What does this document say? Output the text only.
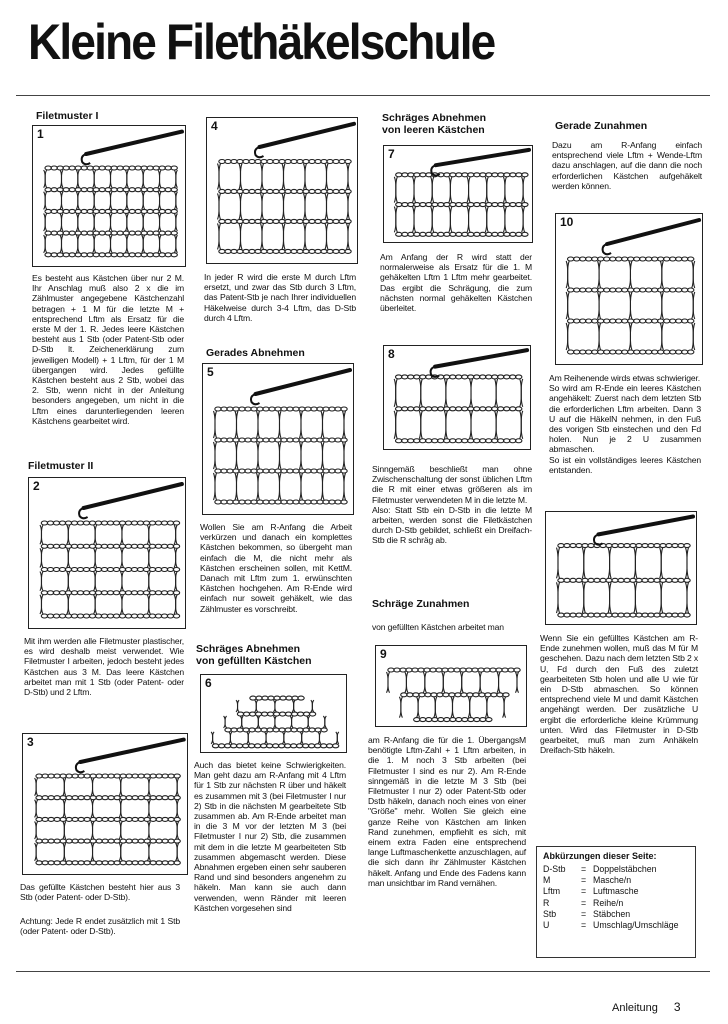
Kleine Filethäkelschule
Filetmuster I
1
Es besteht aus Kästchen über nur 2 M. Ihr Anschlag muß also 2 x die im Zählmuster angegebene Kästchenzahl betragen + 1 M für die letzte M + entsprechend Lftm als Ersatz für die erste M der 1. R. Jedes leere Kästchen besteht aus 1 Stb (oder Patent-Stb oder D-Stb lt. Zeichenerklärung zum jeweiligen Modell) + 1 Lftm, für der 1 M übergangen wird. Jedes gefüllte Kästchen besteht aus 2 Stb, wobei das 2. Stb, wenn nicht in der Anleitung besonders angegeben, um nicht in die Lftm eines darunterliegenden leeren Kästchens gearbeitet wird.
Filetmuster II
2
Mit ihm werden alle Filetmuster plastischer, es wird deshalb meist verwendet. Wie Filetmuster I arbeiten, jedoch besteht jedes Kästchen aus 3 M. Das leere Kästchen arbeitet man mit 1 Stb (oder Patent- oder D-Stb) und 2 Lftm.
3
Das gefüllte Kästchen besteht hier aus 3 Stb (oder Patent- oder D-Stb).
Achtung: Jede R endet zusätzlich mit 1 Stb (oder Patent- oder D-Stb).
4
In jeder R wird die erste M durch Lftm ersetzt, und zwar das Stb durch 3 Lftm, das Patent-Stb je nach Ihrer individuellen Häkelweise durch 3-4 Lftm, das D-Stb durch 4 Lftm.
Gerades Abnehmen
5
Wollen Sie am R-Anfang die Arbeit verkürzen und danach ein komplettes Kästchen bekommen, so übergeht man einfach die M, die nicht mehr als Kästchen erscheinen sollen, mit KettM. Danach mit Lftm zum 1. erwünschten Kästchen hochgehen. Am R-Ende wird einfach nur soweit gehäkelt, wie das Zählmuster es vorschreibt.
Schräges Abnehmen
von gefüllten Kästchen
6
Auch das bietet keine Schwierigkeiten. Man geht dazu am R-Anfang mit 4 Lftm für 1 Stb zur nächsten R über und häkelt es zusammen mit 3 (bei Filetmuster I nur 2) Stb in die nächsten M gearbeitete Stb zusammen ab. Am R-Ende arbeitet man in die 3 M vor der letzten M 3 (bei Filetmuster I nur 2) Stb, die zusammen mit dem in die letzte M gearbeiteten Stb zusammen abgemascht werden. Diese Abnahmen ergeben einen sehr sauberen Rand und sind besonders angenehm zu häkeln. Man kann sie auch dann verwenden, wenn Ränder mit leeren Kästchen vorgesehen sind
Schräges Abnehmen
von leeren Kästchen
7
Am Anfang der R wird statt der normalerweise als Ersatz für die 1. M gehäkelten Lftm 1 Lftm mehr gearbeitet. Das ergibt die Schrägung, die zum nächsten normal gehäkelten Kästchen überleitet.
8
Sinngemäß beschließt man ohne Zwischenschaltung der sonst üblichen Lftm die R mit einer etwas größeren als im Filetmuster verwendeten M in die letzte M.
Also: Statt Stb ein D-Stb in die letzte M arbeiten, werden sonst die Filetkästchen durch D-Stb gebildet, schließt ein Dreifach-Stb die R schräg ab.
Schräge Zunahmen
von gefüllten Kästchen arbeitet man
9
am R-Anfang die für die 1. ÜbergangsM benötigte Lftm-Zahl + 1 Lftm arbeiten, in die 1. M noch 3 Stb arbeiten (bei Filetmuster I sind es nur 2). Am R-Ende sinngemäß in die letzte M 3 Stb (bei Filetmuster I nur 2) oder Patent-Stb oder Dstb häkeln, danach noch eines von einer "Größe" mehr. Wollen Sie gleich eine ganze Reihe von Kästchen am linken Rand zunehmen, empfiehlt es sich, mit einem extra Faden eine entsprechend lange Luftmaschenkette anzuschlagen, auf die sich dann ihr Zählmuster Kästchen häkelt. Anfang und Ende des Fadens kann man unsichtbar im Rand vernähen.
Gerade Zunahmen
Dazu am R-Anfang einfach entsprechend viele Lftm + Wende-Lftm dazu anschlagen, auf die dann die noch erforderlichen Kästchen aufgehäkelt werden können.
10
Am Reihenende wirds etwas schwieriger.
So wird am R-Ende ein leeres Kästchen angehäkelt: Zuerst nach dem letzten Stb die erforderlichen Lftm arbeiten. Dann 3 U auf die HäkelN nehmen, in den Fuß des vorigen Stb einstechen und den Fd holen. Nun je 2 U zusammen abmaschen.
So ist ein vollständiges leeres Kästchen entstanden.
Wenn Sie ein gefülltes Kästchen am R-Ende zunehmen wollen, muß das M für M geschehen. Dazu nach dem letzten Stb 2 x U, Fd durch den Fuß des zuletzt gearbeiteten Stb holen und alle U wie für ein D-Stb abmaschen. So können entsprechend viele M und damit Kästchen angehängt werden. Der zusätzliche U ergibt die erforderliche kleine Krümmung unten. Wird das Filetmuster in D-Stb gearbeitet, muß man zum Anhäkeln Dreifach-Stb häkeln.
Abkürzungen dieser Seite:
D-Stb	= Doppelstäbchen
M	= Masche/n
Lftm	= Luftmasche
R	= Reihe/n
Stb	= Stäbchen
U	= Umschlag/Umschläge
Anleitung 3
